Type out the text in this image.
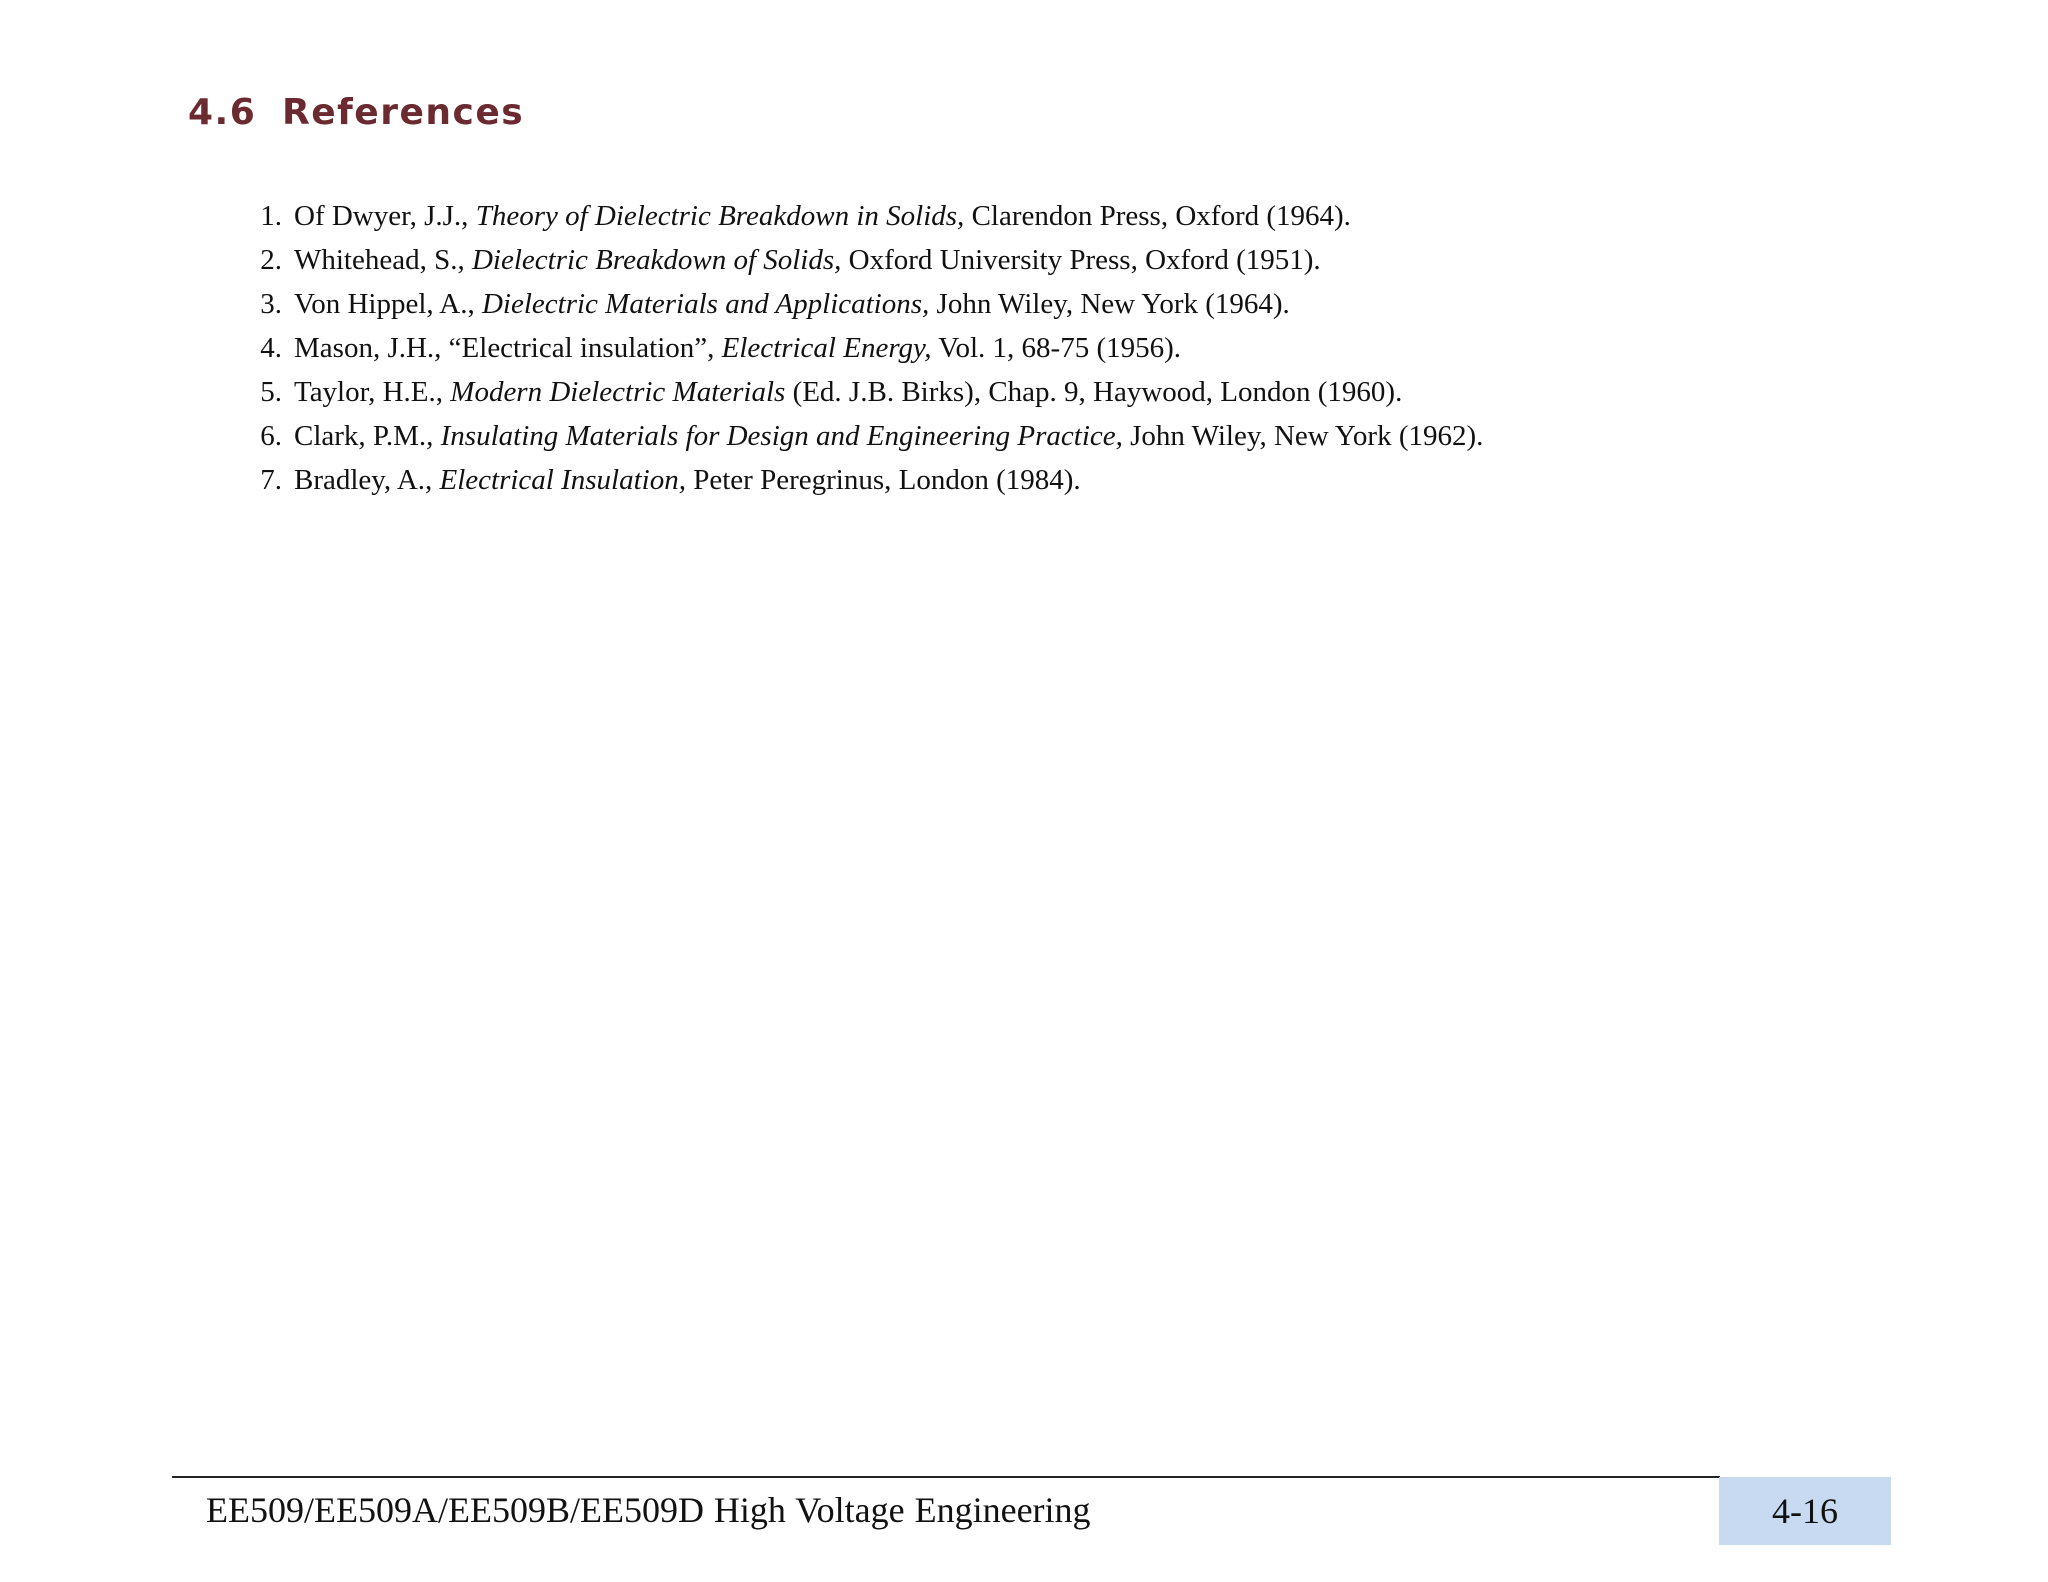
4.6 References
1. Of Dwyer, J.J., Theory of Dielectric Breakdown in Solids, Clarendon Press, Oxford (1964).
2. Whitehead, S., Dielectric Breakdown of Solids, Oxford University Press, Oxford (1951).
3. Von Hippel, A., Dielectric Materials and Applications, John Wiley, New York (1964).
4. Mason, J.H., “Electrical insulation”, Electrical Energy, Vol. 1, 68-75 (1956).
5. Taylor, H.E., Modern Dielectric Materials (Ed. J.B. Birks), Chap. 9, Haywood, London (1960).
6. Clark, P.M., Insulating Materials for Design and Engineering Practice, John Wiley, New York (1962).
7. Bradley, A., Electrical Insulation, Peter Peregrinus, London (1984).
EE509/EE509A/EE509B/EE509D High Voltage Engineering	4-16
